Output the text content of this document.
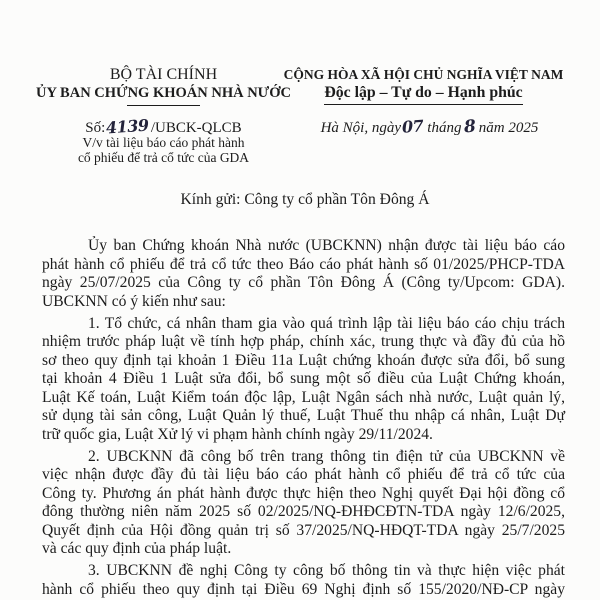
BỘ TÀI CHÍNH
ỦY BAN CHỨNG KHOÁN NHÀ NƯỚC
Số:4139/UBCK-QLCB
V/v tài liệu báo cáo phát hành
cổ phiếu để trả cổ tức của GDA
CỘNG HÒA XÃ HỘI CHỦ NGHĨA VIỆT NAM
Độc lập – Tự do – Hạnh phúc
Hà Nội, ngày07 tháng 8 năm 2025
Kính gửi: Công ty cổ phần Tôn Đông Á
Ủy ban Chứng khoán Nhà nước (UBCKNN) nhận được tài liệu báo cáo
phát hành cổ phiếu để trả cổ tức theo Báo cáo phát hành số 01/2025/PHCP-TDA
ngày 25/07/2025 của Công ty cổ phần Tôn Đông Á (Công ty/Upcom: GDA).
UBCKNN có ý kiến như sau:
1. Tổ chức, cá nhân tham gia vào quá trình lập tài liệu báo cáo chịu trách
nhiệm trước pháp luật về tính hợp pháp, chính xác, trung thực và đầy đủ của hồ
sơ theo quy định tại khoản 1 Điều 11a Luật chứng khoán được sửa đổi, bổ sung
tại khoản 4 Điều 1 Luật sửa đổi, bổ sung một số điều của Luật Chứng khoán,
Luật Kế toán, Luật Kiểm toán độc lập, Luật Ngân sách nhà nước, Luật quản lý,
sử dụng tài sản công, Luật Quản lý thuế, Luật Thuế thu nhập cá nhân, Luật Dự
trữ quốc gia, Luật Xử lý vi phạm hành chính ngày 29/11/2024.
2. UBCKNN đã công bố trên trang thông tin điện tử của UBCKNN về
việc nhận được đầy đủ tài liệu báo cáo phát hành cổ phiếu để trả cổ tức của
Công ty. Phương án phát hành được thực hiện theo Nghị quyết Đại hội đồng cổ
đông thường niên năm 2025 số 02/2025/NQ-ĐHĐCĐTN-TDA ngày 12/6/2025,
Quyết định của Hội đồng quản trị số 37/2025/NQ-HĐQT-TDA ngày 25/7/2025
và các quy định của pháp luật.
3. UBCKNN đề nghị Công ty công bố thông tin và thực hiện việc phát
hành cổ phiếu theo quy định tại Điều 69 Nghị định số 155/2020/NĐ-CP ngày
